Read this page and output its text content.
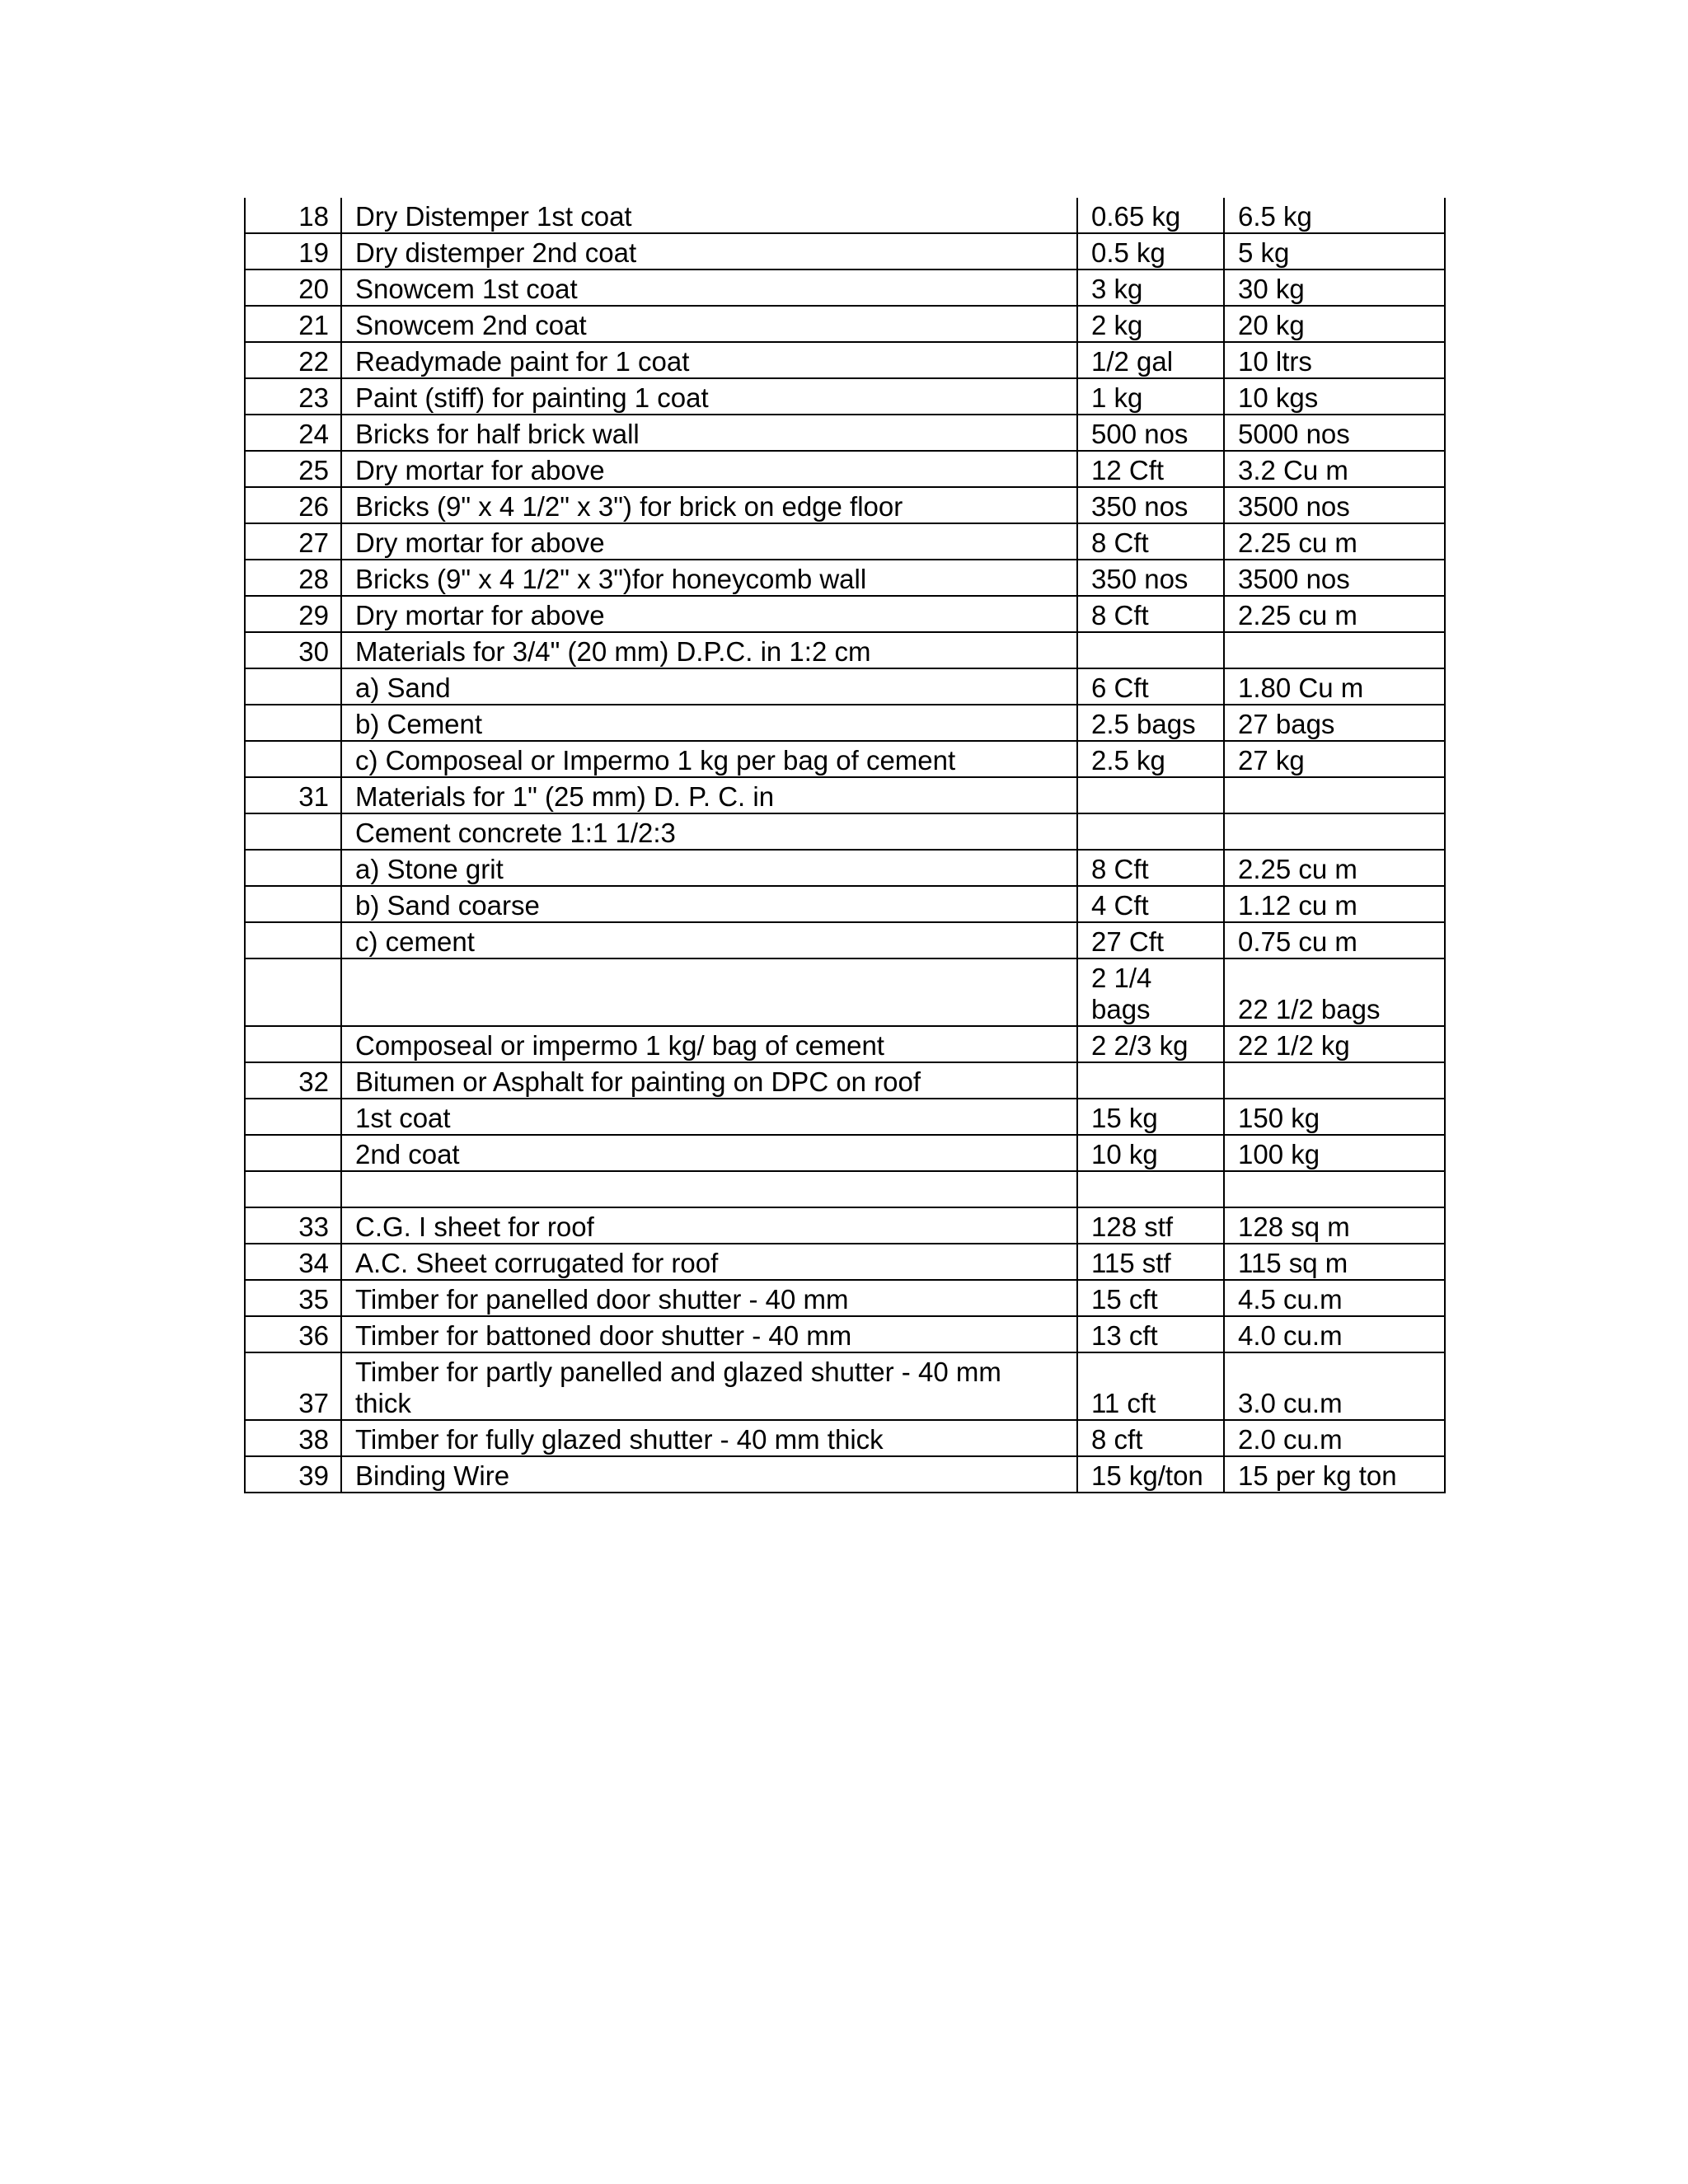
18	Dry Distemper 1st coat	0.65 kg	6.5 kg
19	Dry distemper 2nd coat	0.5 kg	5 kg
20	Snowcem 1st coat	3 kg	30 kg
21	Snowcem 2nd coat	2 kg	20 kg
22	Readymade paint for 1 coat	1/2 gal	10 ltrs
23	Paint (stiff) for painting 1 coat	1 kg	10 kgs
24	Bricks for half brick wall	500 nos	5000 nos
25	Dry mortar for above	12 Cft	3.2 Cu m
26	Bricks (9" x 4 1/2" x 3") for brick on edge floor	350 nos	3500 nos
27	Dry mortar for above	8 Cft	2.25 cu m
28	Bricks (9" x 4 1/2" x 3")for honeycomb wall	350 nos	3500 nos
29	Dry mortar for above	8 Cft	2.25 cu m
30	Materials for 3/4" (20 mm) D.P.C. in 1:2 cm		
	a) Sand	6 Cft	1.80 Cu m
	b) Cement	2.5 bags	27 bags
	c) Composeal or Impermo 1 kg per bag of cement	2.5 kg	27 kg
31	Materials for 1" (25 mm) D. P. C. in		
	Cement concrete 1:1 1/2:3		
	a) Stone grit	8 Cft	2.25 cu m
	b) Sand coarse	4 Cft	1.12 cu m
	c) cement	27 Cft	0.75 cu m
		2 1/4 bags	22 1/2 bags
	Composeal or impermo 1 kg/ bag of cement	2 2/3 kg	22 1/2 kg
32	Bitumen or Asphalt for painting on DPC on roof		
	1st coat	15 kg	150 kg
	2nd coat	10 kg	100 kg

33	C.G. I sheet for roof	128 stf	128 sq m
34	A.C. Sheet corrugated for roof	115 stf	115 sq m
35	Timber for panelled door shutter - 40 mm	15 cft	4.5 cu.m
36	Timber for battoned door shutter - 40 mm	13 cft	4.0 cu.m
37	Timber for partly panelled and glazed shutter - 40 mm thick	11 cft	3.0 cu.m
38	Timber for fully glazed shutter - 40 mm thick	8 cft	2.0 cu.m
39	Binding Wire	15 kg/ton	15 per kg ton
